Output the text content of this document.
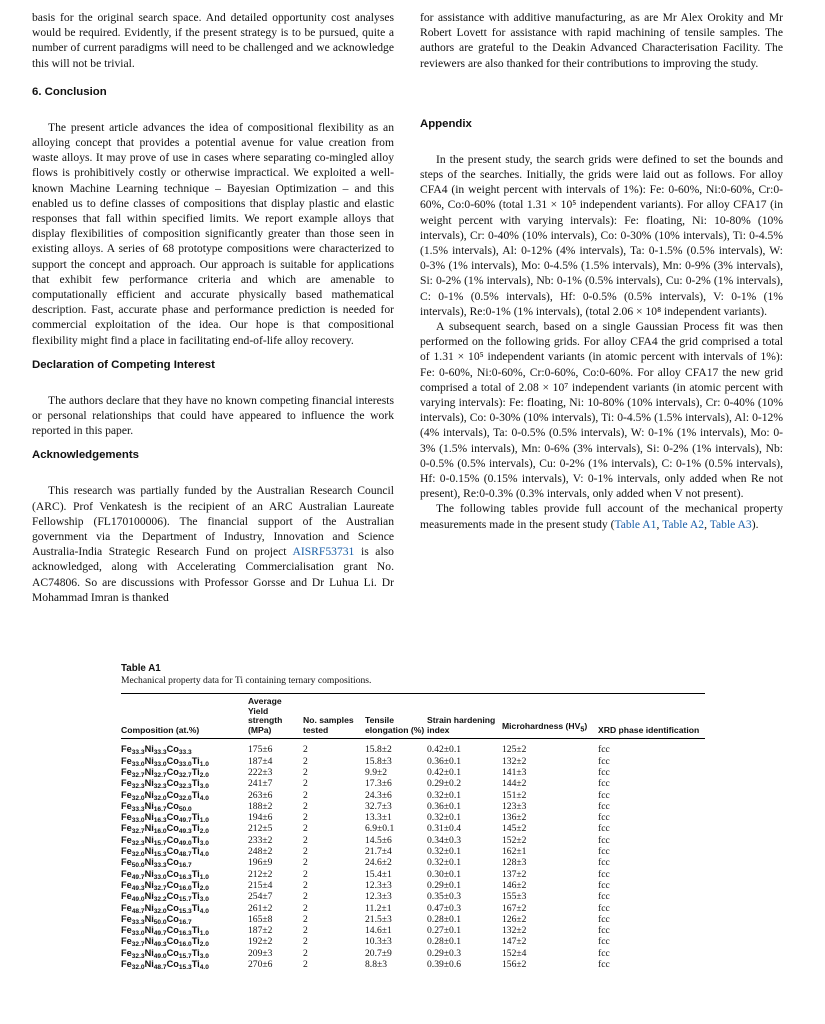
basis for the original search space. And detailed opportunity cost analyses would be required. Evidently, if the present strategy is to be pursued, quite a number of current paradigms will need to be challenged and we acknowledge this will not be trivial.

6. Conclusion

The present article advances the idea of compositional flexibility as an alloying concept that provides a potential avenue for value creation from waste alloys. It may prove of use in cases where separating co-mingled alloy flows is prohibitively costly or otherwise impractical. We exploited a well-known Machine Learning technique – Bayesian Optimization – and this enabled us to define classes of compositions that display plastic and elastic responses that fall within specified limits. We report example alloys that display flexibilities of composition significantly greater than those seen in existing alloys. A series of 68 prototype compositions were characterized to support the concept and approach. Our approach is suitable for applications that exhibit few performance criteria and which are amenable to computationally efficient and accurate physically based mathematical description. Fast, accurate phase and performance prediction is needed for commercial exploitation of the idea. Our hope is that compositional flexibility might find a place in facilitating end-of-life alloy recovery.

Declaration of Competing Interest

The authors declare that they have no known competing financial interests or personal relationships that could have appeared to influence the work reported in this paper.

Acknowledgements

This research was partially funded by the Australian Research Council (ARC). Prof Venkatesh is the recipient of an ARC Australian Laureate Fellowship (FL170100006). The financial support of the Australian government via the Department of Industry, Innovation and Science Australia-India Strategic Research Fund on project AISRF53731 is also acknowledged, along with Accelerating Commercialisation grant No. AC74806. So are discussions with Professor Gorsse and Dr Luhua Li. Dr Mohammad Imran is thanked

for assistance with additive manufacturing, as are Mr Alex Orokity and Mr Robert Lovett for assistance with rapid machining of tensile samples. The authors are grateful to the Deakin Advanced Characterisation Facility. The reviewers are also thanked for their contributions to improving the study.

Appendix

In the present study, the search grids were defined to set the bounds and steps of the searches. Initially, the grids were laid out as follows. For alloy CFA4 (in weight percent with intervals of 1%): Fe: 0-60%, Ni:0-60%, Cr:0-60%, Co:0-60% (total 1.31 × 10⁵ independent variants). For alloy CFA17 (in weight percent with varying intervals): Fe: floating, Ni: 10-80% (10% intervals), Cr: 0-40% (10% intervals), Co: 0-30% (10% intervals), Ti: 0-4.5% (1.5% intervals), Al: 0-12% (4% intervals), Ta: 0-1.5% (0.5% intervals), W: 0-3% (1% intervals), Mo: 0-4.5% (1.5% intervals), Mn: 0-9% (3% intervals), Si: 0-2% (1% intervals), Nb: 0-1% (0.5% intervals), Cu: 0-2% (1% intervals), C: 0-1% (0.5% intervals), Hf: 0-0.5% (0.5% intervals), V: 0-1% (1% intervals), Re:0-1% (1% intervals), (total 2.06 × 10⁸ independent variants).

A subsequent search, based on a single Gaussian Process fit was then performed on the following grids. For alloy CFA4 the grid comprised a total of 1.31 × 10⁵ independent variants (in atomic percent with intervals of 1%): Fe: 0-60%, Ni:0-60%, Cr:0-60%, Co:0-60%. For alloy CFA17 the new grid comprised a total of 2.08 × 10⁷ independent variants (in atomic percent with varying intervals): Fe: floating, Ni: 10-80% (10% intervals), Cr: 0-40% (10% intervals), Co: 0-30% (10% intervals), Ti: 0-4.5% (1.5% intervals), Al: 0-12% (4% intervals), Ta: 0-0.5% (0.5% intervals), W: 0-1% (1% intervals), Mo: 0-3% (1.5% intervals), Mn: 0-6% (3% intervals), Si: 0-2% (1% intervals), Nb: 0-0.5% (0.5% intervals), Cu: 0-2% (1% intervals), C: 0-1% (0.5% intervals), Hf: 0-0.15% (0.15% intervals), V: 0-1% intervals, only added when Re not present), Re:0-0.3% (0.3% intervals, only added when V not present).

The following tables provide full account of the mechanical property measurements made in the present study (Table A1, Table A2, Table A3).

Table A1
Mechanical property data for Ti containing ternary compositions.
Composition (at.%)	Average Yield strength (MPa)	No. samples tested	Tensile elongation (%)	Strain hardening index	Microhardness $(HV_5)$	XRD phase identification
$Fe_{33.3}Ni_{33.3}Co_{33.3}$	175±6	2	15.8±2	0.42±0.1	125±2	fcc
$Fe_{33.0}Ni_{33.0}Co_{33.0}Ti_{1.0}$	187±4	2	15.8±3	0.36±0.1	132±2	fcc
$Fe_{32.7}Ni_{32.7}Co_{32.7}Ti_{2.0}$	222±3	2	9.9±2	0.42±0.1	141±3	fcc
$Fe_{32.3}Ni_{32.3}Co_{32.3}Ti_{3.0}$	241±7	2	17.3±6	0.29±0.2	144±2	fcc
$Fe_{32.0}Ni_{32.0}Co_{32.0}Ti_{4.0}$	263±6	2	24.3±6	0.32±0.1	151±2	fcc
$Fe_{33.3}Ni_{16.7}Co_{50.0}$	188±2	2	32.7±3	0.36±0.1	123±3	fcc
$Fe_{33.0}Ni_{16.3}Co_{49.7}Ti_{1.0}$	194±6	2	13.3±1	0.32±0.1	136±2	fcc
$Fe_{32.7}Ni_{16.0}Co_{49.3}Ti_{2.0}$	212±5	2	6.9±0.1	0.31±0.4	145±2	fcc
$Fe_{32.3}Ni_{15.7}Co_{49.0}Ti_{3.0}$	233±2	2	14.5±6	0.34±0.3	152±2	fcc
$Fe_{32.0}Ni_{15.3}Co_{48.7}Ti_{4.0}$	248±2	2	21.7±4	0.32±0.1	162±1	fcc
$Fe_{50.0}Ni_{33.3}Co_{16.7}$	196±9	2	24.6±2	0.32±0.1	128±3	fcc
$Fe_{49.7}Ni_{33.0}Co_{16.3}Ti_{1.0}$	212±2	2	15.4±1	0.30±0.1	137±2	fcc
$Fe_{49.3}Ni_{32.7}Co_{16.0}Ti_{2.0}$	215±4	2	12.3±3	0.29±0.1	146±2	fcc
$Fe_{49.0}Ni_{32.2}Co_{15.7}Ti_{3.0}$	254±7	2	12.3±3	0.35±0.3	155±3	fcc
$Fe_{48.7}Ni_{32.0}Co_{15.3}Ti_{4.0}$	261±2	2	11.2±1	0.47±0.3	167±2	fcc
$Fe_{33.3}Ni_{50.0}Co_{16.7}$	165±8	2	21.5±3	0.28±0.1	126±2	fcc
$Fe_{33.0}Ni_{49.7}Co_{16.3}Ti_{1.0}$	187±2	2	14.6±1	0.27±0.1	132±2	fcc
$Fe_{32.7}Ni_{49.3}Co_{16.0}Ti_{2.0}$	192±2	2	10.3±3	0.28±0.1	147±2	fcc
$Fe_{32.3}Ni_{49.0}Co_{15.7}Ti_{3.0}$	209±3	2	20.7±9	0.29±0.3	152±4	fcc
$Fe_{32.0}Ni_{48.7}Co_{15.3}Ti_{4.0}$	270±6	2	8.8±3	0.39±0.6	156±2	fcc
